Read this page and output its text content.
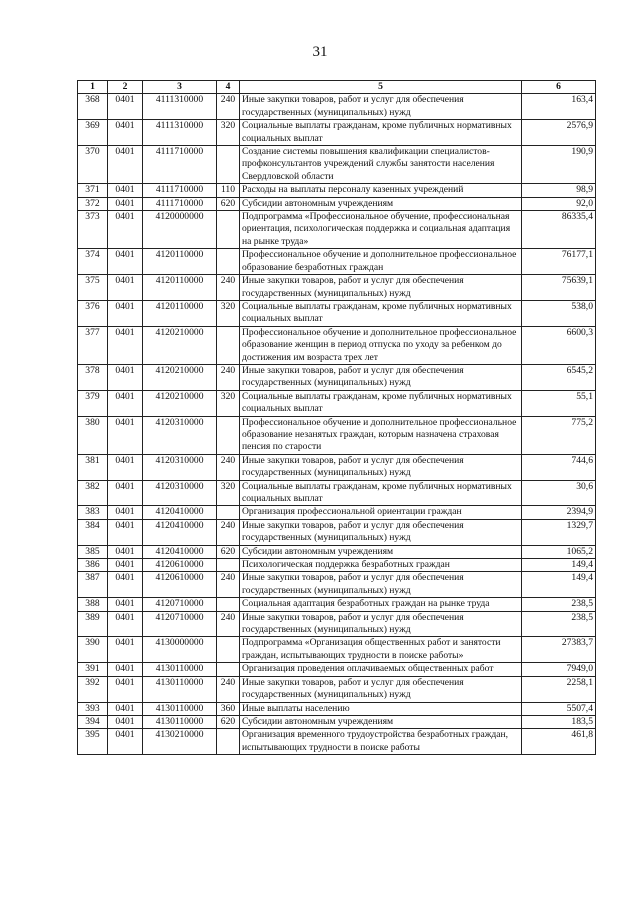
31
1	2	3	4	5	6
368	0401	4111310000	240	Иные закупки товаров, работ и услуг для обеспечения государственных (муниципальных) нужд	163,4
369	0401	4111310000	320	Социальные выплаты гражданам, кроме публичных нормативных социальных выплат	2576,9
370	0401	4111710000		Создание системы повышения квалификации специалистов-профконсультантов учреждений службы занятости населения Свердловской области	190,9
371	0401	4111710000	110	Расходы на выплаты персоналу казенных учреждений	98,9
372	0401	4111710000	620	Субсидии автономным учреждениям	92,0
373	0401	4120000000		Подпрограмма «Профессиональное обучение, профессиональная ориентация, психологическая поддержка и социальная адаптация на рынке труда»	86335,4
374	0401	4120110000		Профессиональное обучение и дополнительное профессиональное образование безработных граждан	76177,1
375	0401	4120110000	240	Иные закупки товаров, работ и услуг для обеспечения государственных (муниципальных) нужд	75639,1
376	0401	4120110000	320	Социальные выплаты гражданам, кроме публичных нормативных социальных выплат	538,0
377	0401	4120210000		Профессиональное обучение и дополнительное профессиональное образование женщин в период отпуска по уходу за ребенком до достижения им возраста трех лет	6600,3
378	0401	4120210000	240	Иные закупки товаров, работ и услуг для обеспечения государственных (муниципальных) нужд	6545,2
379	0401	4120210000	320	Социальные выплаты гражданам, кроме публичных нормативных социальных выплат	55,1
380	0401	4120310000		Профессиональное обучение и дополнительное профессиональное образование незанятых граждан, которым назначена страховая пенсия по старости	775,2
381	0401	4120310000	240	Иные закупки товаров, работ и услуг для обеспечения государственных (муниципальных) нужд	744,6
382	0401	4120310000	320	Социальные выплаты гражданам, кроме публичных нормативных социальных выплат	30,6
383	0401	4120410000		Организация профессиональной ориентации граждан	2394,9
384	0401	4120410000	240	Иные закупки товаров, работ и услуг для обеспечения государственных (муниципальных) нужд	1329,7
385	0401	4120410000	620	Субсидии автономным учреждениям	1065,2
386	0401	4120610000		Психологическая поддержка безработных граждан	149,4
387	0401	4120610000	240	Иные закупки товаров, работ и услуг для обеспечения государственных (муниципальных) нужд	149,4
388	0401	4120710000		Социальная адаптация безработных граждан на рынке труда	238,5
389	0401	4120710000	240	Иные закупки товаров, работ и услуг для обеспечения государственных (муниципальных) нужд	238,5
390	0401	4130000000		Подпрограмма «Организация общественных работ и занятости граждан, испытывающих трудности в поиске работы»	27383,7
391	0401	4130110000		Организация проведения оплачиваемых общественных работ	7949,0
392	0401	4130110000	240	Иные закупки товаров, работ и услуг для обеспечения государственных (муниципальных) нужд	2258,1
393	0401	4130110000	360	Иные выплаты населению	5507,4
394	0401	4130110000	620	Субсидии автономным учреждениям	183,5
395	0401	4130210000		Организация временного трудоустройства безработных граждан, испытывающих трудности в поиске работы	461,8
